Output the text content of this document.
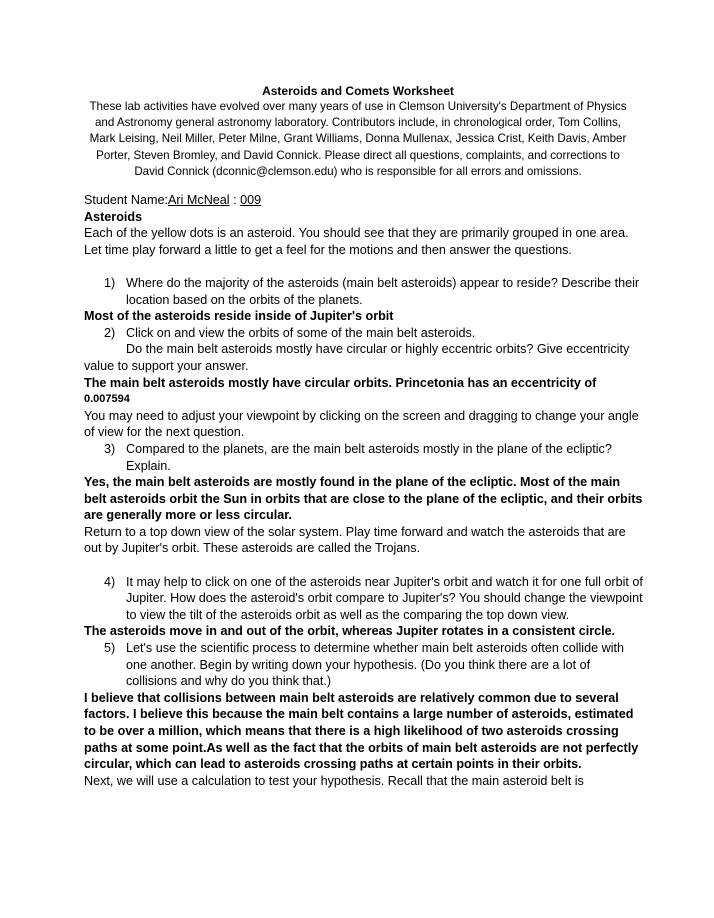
Asteroids and Comets Worksheet
These lab activities have evolved over many years of use in Clemson University's Department of Physics and Astronomy general astronomy laboratory. Contributors include, in chronological order, Tom Collins, Mark Leising, Neil Miller, Peter Milne, Grant Williams, Donna Mullenax, Jessica Crist, Keith Davis, Amber Porter, Steven Bromley, and David Connick. Please direct all questions, complaints, and corrections to David Connick (dconnic@clemson.edu) who is responsible for all errors and omissions.

Student Name:Ari McNeal : 009

Asteroids

Each of the yellow dots is an asteroid. You should see that they are primarily grouped in one area. Let time play forward a little to get a feel for the motions and then answer the questions.

1) Where do the majority of the asteroids (main belt asteroids) appear to reside? Describe their location based on the orbits of the planets.

Most of the asteroids reside inside of Jupiter's orbit

2) Click on and view the orbits of some of the main belt asteroids.

Do the main belt asteroids mostly have circular or highly eccentric orbits? Give eccentricity value to support your answer.

The main belt asteroids mostly have circular orbits. Princetonia has an eccentricity of

0.007594

You may need to adjust your viewpoint by clicking on the screen and dragging to change your angle of view for the next question.

3) Compared to the planets, are the main belt asteroids mostly in the plane of the ecliptic? Explain.

Yes, the main belt asteroids are mostly found in the plane of the ecliptic. Most of the main belt asteroids orbit the Sun in orbits that are close to the plane of the ecliptic, and their orbits are generally more or less circular.

Return to a top down view of the solar system. Play time forward and watch the asteroids that are out by Jupiter's orbit. These asteroids are called the Trojans.

4) It may help to click on one of the asteroids near Jupiter's orbit and watch it for one full orbit of Jupiter. How does the asteroid's orbit compare to Jupiter's? You should change the viewpoint to view the tilt of the asteroids orbit as well as the comparing the top down view.

The asteroids move in and out of the orbit, whereas Jupiter rotates in a consistent circle.

5) Let's use the scientific process to determine whether main belt asteroids often collide with one another. Begin by writing down your hypothesis. (Do you think there are a lot of collisions and why do you think that.)

I believe that collisions between main belt asteroids are relatively common due to several factors. I believe this because the main belt contains a large number of asteroids, estimated to be over a million, which means that there is a high likelihood of two asteroids crossing paths at some point.As well as the fact that the orbits of main belt asteroids are not perfectly circular, which can lead to asteroids crossing paths at certain points in their orbits.

Next, we will use a calculation to test your hypothesis. Recall that the main asteroid belt is
